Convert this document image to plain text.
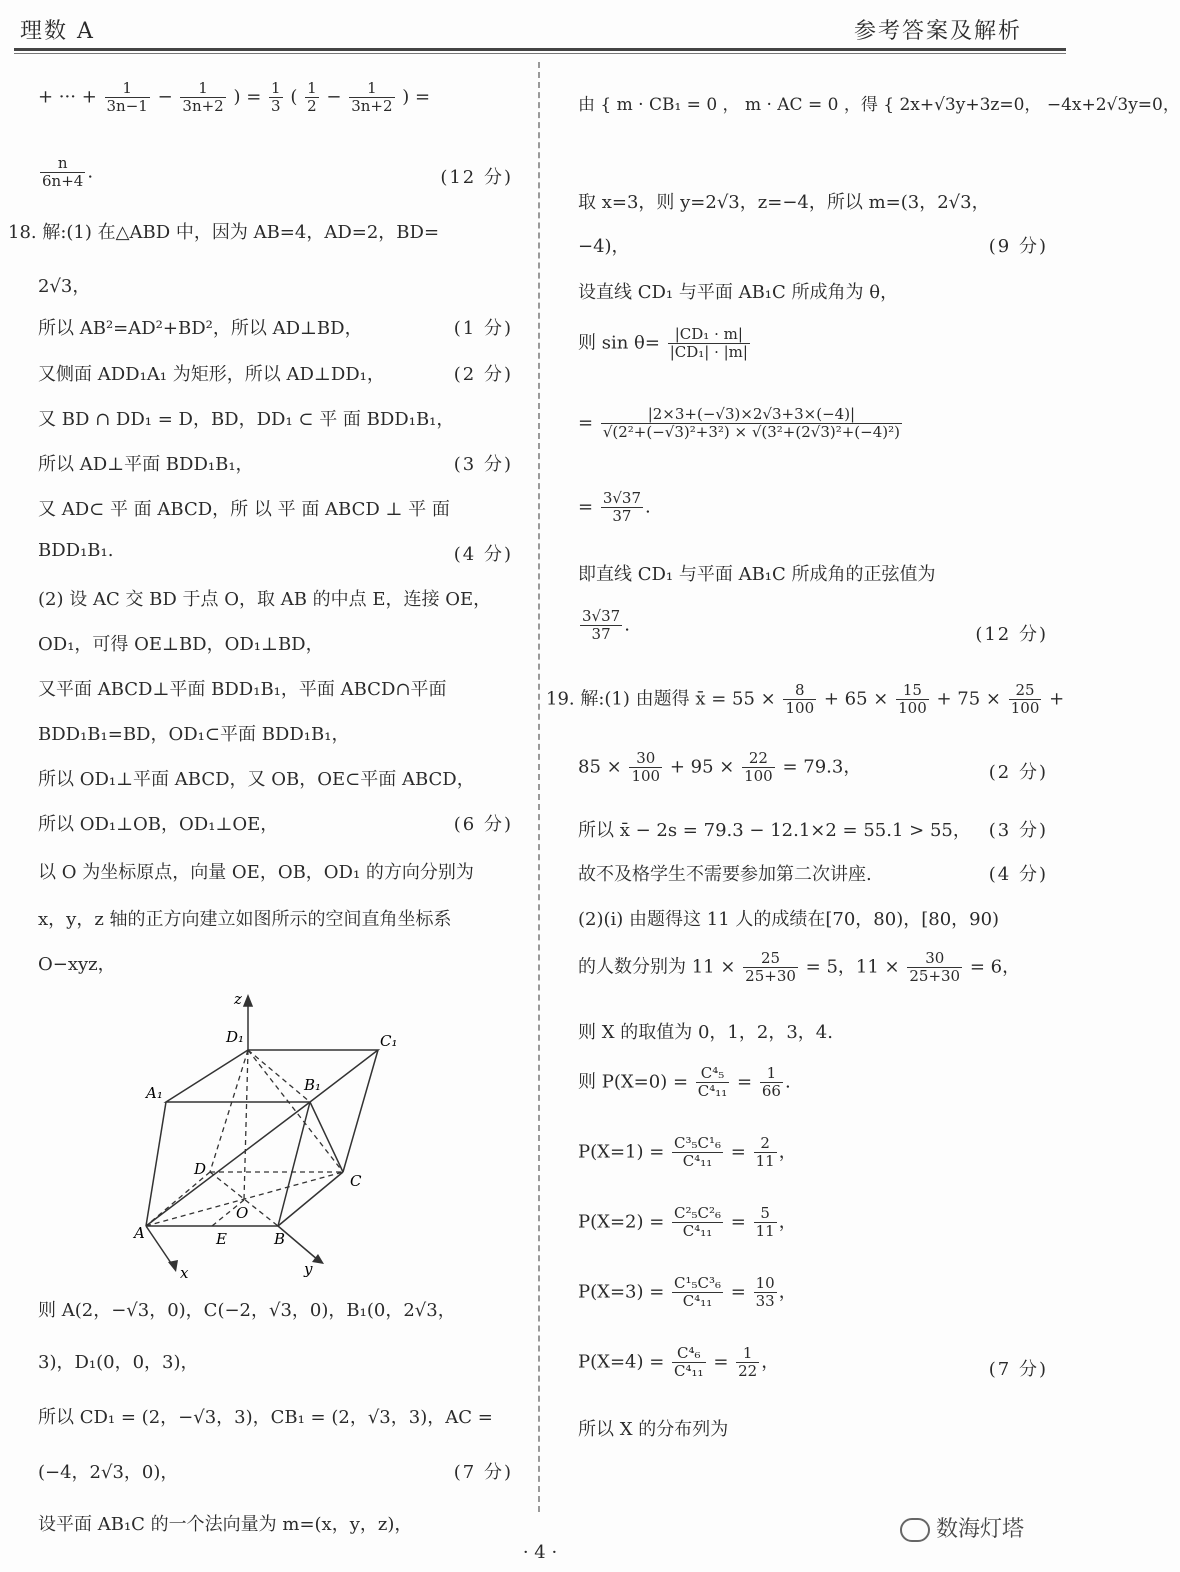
理数 A	参考答案及解析
+ ··· + $\frac{1}{3n-1} - \frac{1}{3n+2}$ ) = $\frac{1}{3}$ ( $\frac{1}{2} - \frac{1}{3n+2}$ ) =
$\frac{n}{6n+4}$ .	(12 分)
18. 解:(1) 在△ABD 中，因为 AB=4，AD=2，BD=
2√3，
所以 AB²=AD²+BD²，所以 AD⊥BD，	(1 分)
又侧面 ADD₁A₁ 为矩形，所以 AD⊥DD₁，	(2 分)
又 BD ∩ DD₁ = D，BD，DD₁ ⊂ 平 面 BDD₁B₁，
所以 AD⊥平面 BDD₁B₁，	(3 分)
又 AD⊂ 平 面 ABCD，所 以 平 面 ABCD ⊥ 平 面
BDD₁B₁.	(4 分)
(2) 设 AC 交 BD 于点 O，取 AB 的中点 E，连接 OE，
OD₁，可得 OE⊥BD，OD₁⊥BD，
又平面 ABCD⊥平面 BDD₁B₁，平面 ABCD∩平面
BDD₁B₁=BD，OD₁⊂平面 BDD₁B₁，
所以 OD₁⊥平面 ABCD，又 OB，OE⊂平面 ABCD，
所以 OD₁⊥OB，OD₁⊥OE，	(6 分)
以 O 为坐标原点，向量 OE，OB，OD₁ 的方向分别为
x，y，z 轴的正方向建立如图所示的空间直角坐标系
O−xyz，
z
D₁	C₁
A₁	B₁
D
C
O
A	E	B
x	y
则 A(2，−√3，0)，C(−2，√3，0)，B₁(0，2√3，
3)，D₁(0，0，3)，
所以 CD₁ = (2，−√3，3)，CB₁ = (2，√3，3)，AC =
(−4，2√3，0)，	(7 分)
设平面 AB₁C 的一个法向量为 m=(x，y，z)，
由 { m · CB₁ = 0 ， m · AC = 0 ，得 { 2x+√3y+3z=0， −4x+2√3y=0，
取 x=3，则 y=2√3，z=−4，所以 m=(3，2√3，
−4)，	(9 分)
设直线 CD₁ 与平面 AB₁C 所成角为 θ，
则 $\sin \theta= \frac{\text{|CD₁ · m|}}{\text{|CD₁| · |m|}}$
= $\frac{|2\times 3+(-√3)\times 2√3+3\times(-4)|}{\text{√(2²+(−√3)²+3²) × √(3²+(2√3)²+(−4)²)}}$
= $\frac{3√37}{37}$ .
即直线 CD₁ 与平面 AB₁C 所成角的正弦值为
$\frac{3√37}{37}$ .	(12 分)
19. 解:(1) 由题得 x̄ = $55 \times \frac{8}{100} + 65 \times \frac{15}{100} + 75 \times \frac{25}{100}$ +
$85 \times \frac{30}{100} + 95 \times \frac{22}{100} = 79.3$，	(2 分)
所以 x̄ − 2s = 79.3 − 12.1×2 = 55.1 > 55， (3 分)
故不及格学生不需要参加第二次讲座.	(4 分)
(2)(i) 由题得这 11 人的成绩在[70，80)，[80，90)
的人数分别为 $11 \times \frac{25}{25+30} = 5$，$11 \times \frac{30}{25+30} = 6$，
则 X 的取值为 0，1，2，3，4.
则 $P(X=0) = \frac{\text{C⁴₅}}{\text{C⁴₁₁}} = \frac{1}{66}$ .
$P(X=1) = \frac{\text{C³₅C¹₆}}{\text{C⁴₁₁}} = \frac{2}{11}$ ，
$P(X=2) = \frac{\text{C²₅C²₆}}{\text{C⁴₁₁}} = \frac{5}{11}$ ，
$P(X=3) = \frac{\text{C¹₅C³₆}}{\text{C⁴₁₁}} = \frac{10}{33}$ ，
$P(X=4) = \frac{\text{C⁴₆}}{\text{C⁴₁₁}} = \frac{1}{22}$ ，	(7 分)
所以 X 的分布列为
数海灯塔
· 4 ·
